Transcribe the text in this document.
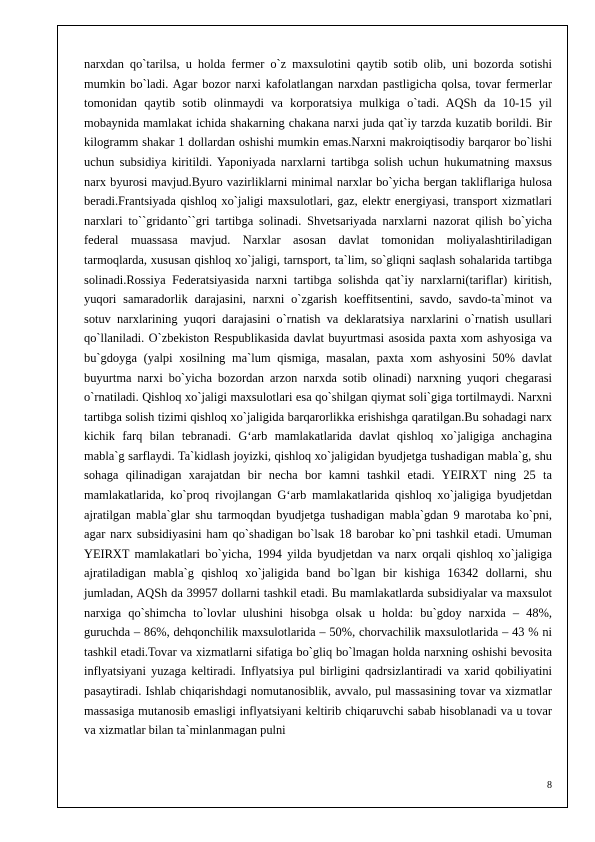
narxdan qo`tarilsa, u holda fermer o`z maxsulotini qaytib sotib olib, uni bozorda sotishi mumkin bo`ladi. Agar bozor narxi kafolatlangan narxdan pastligicha qolsa, tovar fermerlar tomonidan qaytib sotib olinmaydi va korporatsiya mulkiga o`tadi. AQSh da 10-15 yil mobaynida mamlakat ichida shakarning chakana narxi juda qat`iy tarzda kuzatib borildi. Bir kilogramm shakar 1 dollardan oshishi mumkin emas.Narxni makroiqtisodiy barqaror bo`lishi uchun subsidiya kiritildi. Yaponiyada narxlarni tartibga solish uchun hukumatning maxsus narx byurosi mavjud.Byuro vazirliklarni minimal narxlar bo`yicha bergan takliflariga hulosa beradi.Frantsiyada qishloq xo`jaligi maxsulotlari, gaz, elektr energiyasi, transport xizmatlari narxlari to``gridanto``gri tartibga solinadi. Shvetsariyada narxlarni nazorat qilish bo`yicha federal muassasa mavjud. Narxlar asosan davlat tomonidan moliyalashtiriladigan tarmoqlarda, xususan qishloq xo`jaligi, tarnsport, ta`lim, so`gliqni saqlash sohalarida tartibga solinadi.Rossiya Federatsiyasida narxni tartibga solishda qat`iy narxlarni(tariflar) kiritish, yuqori samaradorlik darajasini, narxni o`zgarish koeffitsentini, savdo, savdo-ta`minot va sotuv narxlarining yuqori darajasini o`rnatish va deklaratsiya narxlarini o`rnatish usullari qo`llaniladi. O`zbekiston Respublikasida davlat buyurtmasi asosida paxta xom ashyosiga va bu`gdoyga (yalpi xosilning ma`lum qismiga, masalan, paxta xom ashyosini 50% davlat buyurtma narxi bo`yicha bozordan arzon narxda sotib olinadi) narxning yuqori chegarasi o`rnatiladi. Qishloq xo`jaligi maxsulotlari esa qo`shilgan qiymat soli`giga tortilmaydi. Narxni tartibga solish tizimi qishloq xo`jaligida barqarorlikka erishishga qaratilgan.Bu sohadagi narx kichik farq bilan tebranadi. G‘arb mamlakatlarida davlat qishloq xo`jaligiga anchagina mabla`g sarflaydi. Ta`kidlash joyizki, qishloq xo`jaligidan byudjetga tushadigan mabla`g, shu sohaga qilinadigan xarajatdan bir necha bor kamni tashkil etadi. YEIRXT ning 25 ta mamlakatlarida, ko`proq rivojlangan G‘arb mamlakatlarida qishloq xo`jaligiga byudjetdan ajratilgan mabla`glar shu tarmoqdan byudjetga tushadigan mabla`gdan 9 marotaba ko`pni, agar narx subsidiyasini ham qo`shadigan bo`lsak 18 barobar ko`pni tashkil etadi. Umuman YEIRXT mamlakatlari bo`yicha, 1994 yilda byudjetdan va narx orqali qishloq xo`jaligiga ajratiladigan mabla`g qishloq xo`jaligida band bo`lgan bir kishiga 16342 dollarni, shu jumladan, AQSh da 39957 dollarni tashkil etadi. Bu mamlakatlarda subsidiyalar va maxsulot narxiga qo`shimcha to`lovlar ulushini hisobga olsak u holda: bu`gdoy narxida – 48%, guruchda – 86%, dehqonchilik maxsulotlarida – 50%, chorvachilik maxsulotlarida – 43 % ni tashkil etadi.Tovar va xizmatlarni sifatiga bo`gliq bo`lmagan holda narxning oshishi bevosita inflyatsiyani yuzaga keltiradi. Inflyatsiya pul birligini qadrsizlantiradi va xarid qobiliyatini pasaytiradi. Ishlab chiqarishdagi nomutanosiblik, avvalo, pul massasining tovar va xizmatlar massasiga mutanosib emasligi inflyatsiyani keltirib chiqaruvchi sabab hisoblanadi va u tovar va xizmatlar bilan ta`minlanmagan pulni

8
